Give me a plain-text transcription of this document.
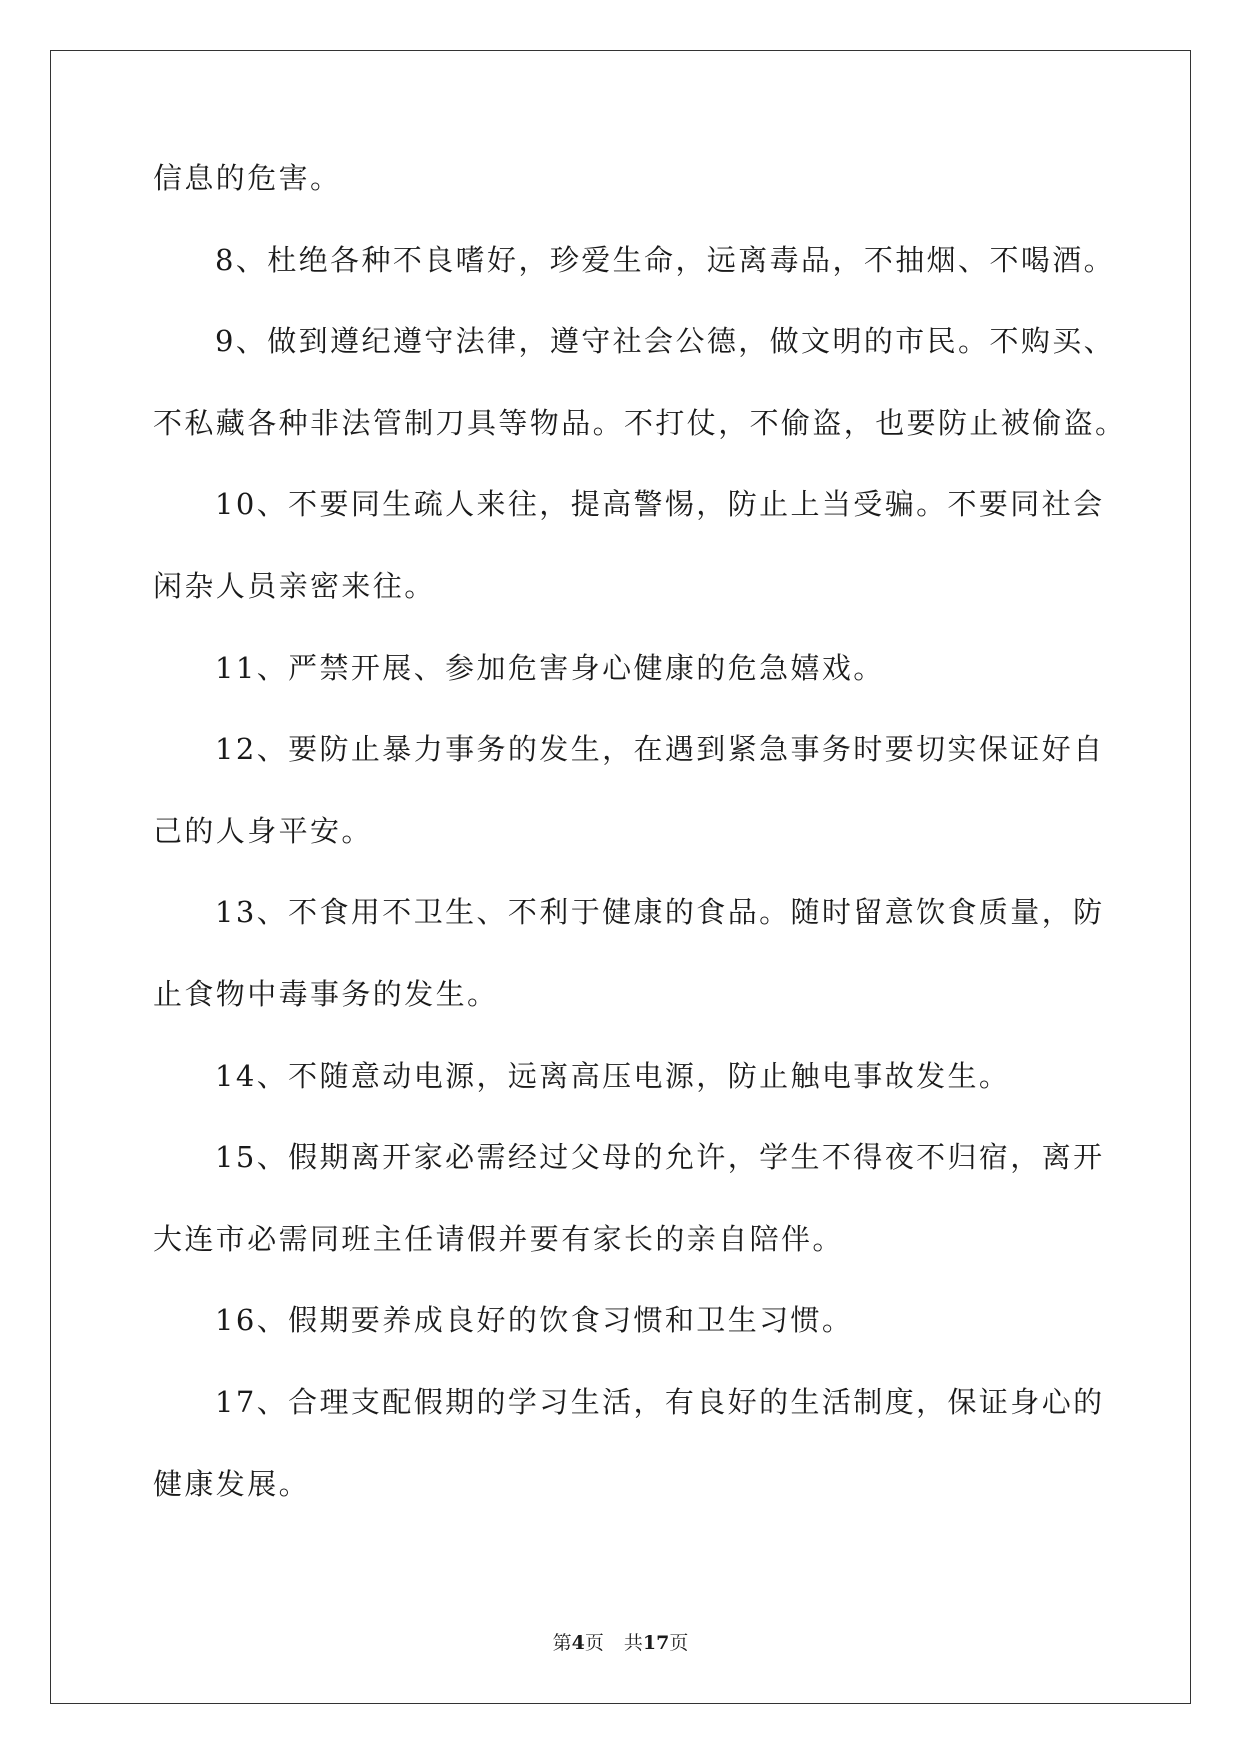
信息的危害。
8、杜绝各种不良嗜好，珍爱生命，远离毒品，不抽烟、不喝酒。
9、做到遵纪遵守法律，遵守社会公德，做文明的市民。不购买、
不私藏各种非法管制刀具等物品。不打仗，不偷盗，也要防止被偷盗。
10、不要同生疏人来往，提高警惕，防止上当受骗。不要同社会
闲杂人员亲密来往。
11、严禁开展、参加危害身心健康的危急嬉戏。
12、要防止暴力事务的发生，在遇到紧急事务时要切实保证好自
己的人身平安。
13、不食用不卫生、不利于健康的食品。随时留意饮食质量，防
止食物中毒事务的发生。
14、不随意动电源，远离高压电源，防止触电事故发生。
15、假期离开家必需经过父母的允许，学生不得夜不归宿，离开
大连市必需同班主任请假并要有家长的亲自陪伴。
16、假期要养成良好的饮食习惯和卫生习惯。
17、合理支配假期的学习生活，有良好的生活制度，保证身心的
健康发展。
第4页 共17页
